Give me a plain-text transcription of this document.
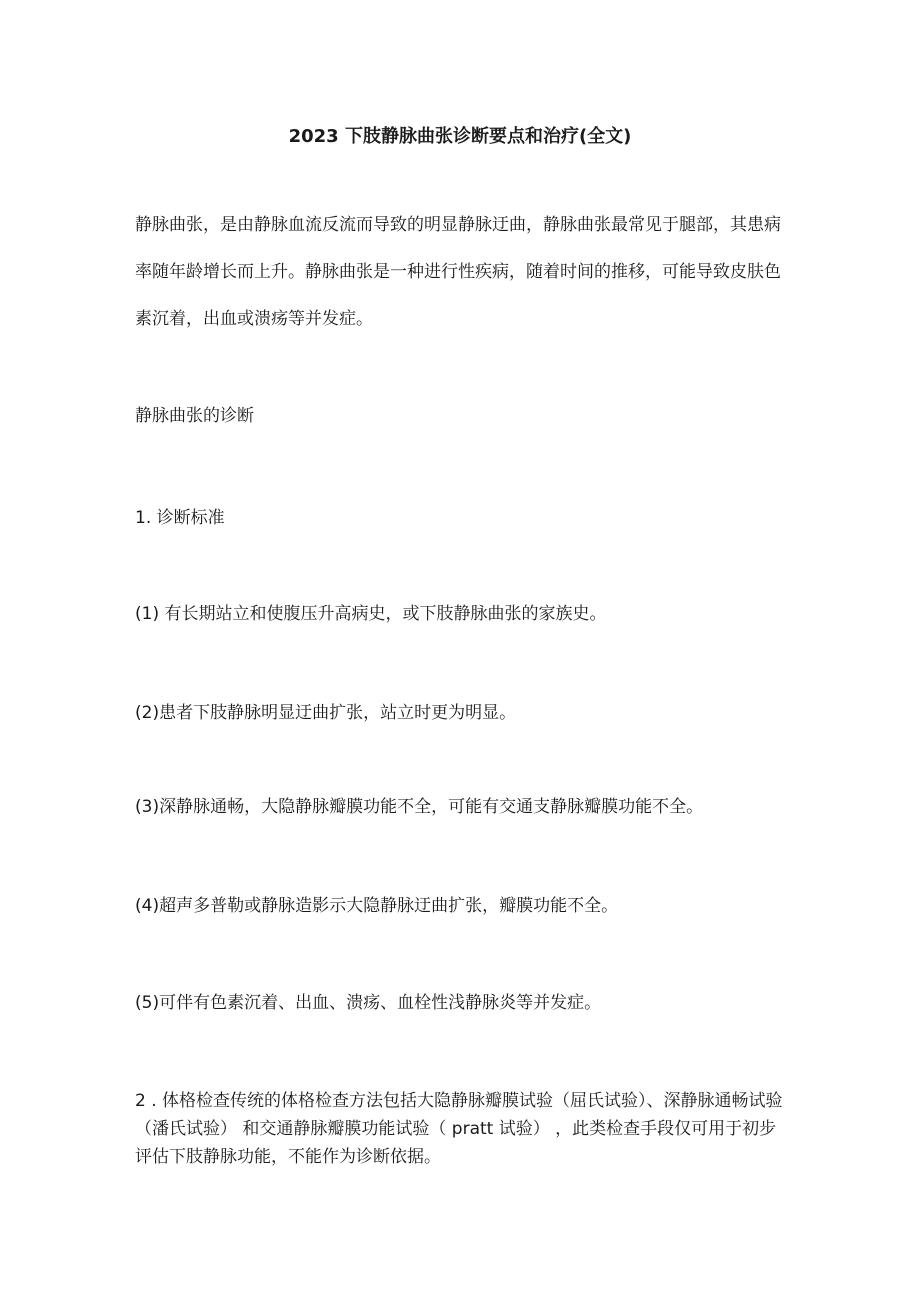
2023 下肢静脉曲张诊断要点和治疗(全文)

静脉曲张，是由静脉血流反流而导致的明显静脉迂曲，静脉曲张最常见于腿部，其患病率随年龄增长而上升。静脉曲张是一种进行性疾病，随着时间的推移，可能导致皮肤色素沉着，出血或溃疡等并发症。

静脉曲张的诊断
1. 诊断标准
(1) 有长期站立和使腹压升高病史，或下肢静脉曲张的家族史。
(2)患者下肢静脉明显迂曲扩张，站立时更为明显。
(3)深静脉通畅，大隐静脉瓣膜功能不全，可能有交通支静脉瓣膜功能不全。
(4)超声多普勒或静脉造影示大隐静脉迂曲扩张，瓣膜功能不全。
(5)可伴有色素沉着、出血、溃疡、血栓性浅静脉炎等并发症。

2 . 体格检查传统的体格检查方法包括大隐静脉瓣膜试验（屈氏试验）、深静脉通畅试验（潘氏试验） 和交通静脉瓣膜功能试验（ pratt 试验） ，此类检查手段仅可用于初步评估下肢静脉功能，不能作为诊断依据。
